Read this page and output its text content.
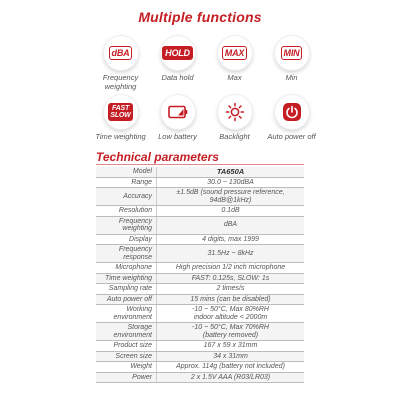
Multiple functions
dBA
Frequency weighting
HOLD
Data hold
MAX
Max
MIN
Min
FAST
SLOW
Time weighting	Low battery	Backlight	Auto power off
Technical parameters
Model	TA650A
Range	30.0 ~ 130dBA
Accuracy	±1.5dB (sound pressure reference, 94dB@1kHz)
Resolution	0.1dB
Frequency weighting	dBA
Display	4 digits, max 1999
Frequency response	31.5Hz ~ 8kHz
Microphone	High precision 1/2 inch microphone
Time weighting	FAST: 0.125s, SLOW: 1s
Sampling rate	2 times/s
Auto power off	15 mins (can be disabled)
Working environment	-10 ~ 50°C, Max 80%RH
indoor altitude < 2000m

Storage environment	-10 ~ 50°C, Max 70%RH
(battery removed)

Product size	167 x 59 x 31mm
Screen size	34 x 31mm
Weight	Approx. 114g (battery not included)
Power	2 x 1.5V AAA (R03/LR03)
